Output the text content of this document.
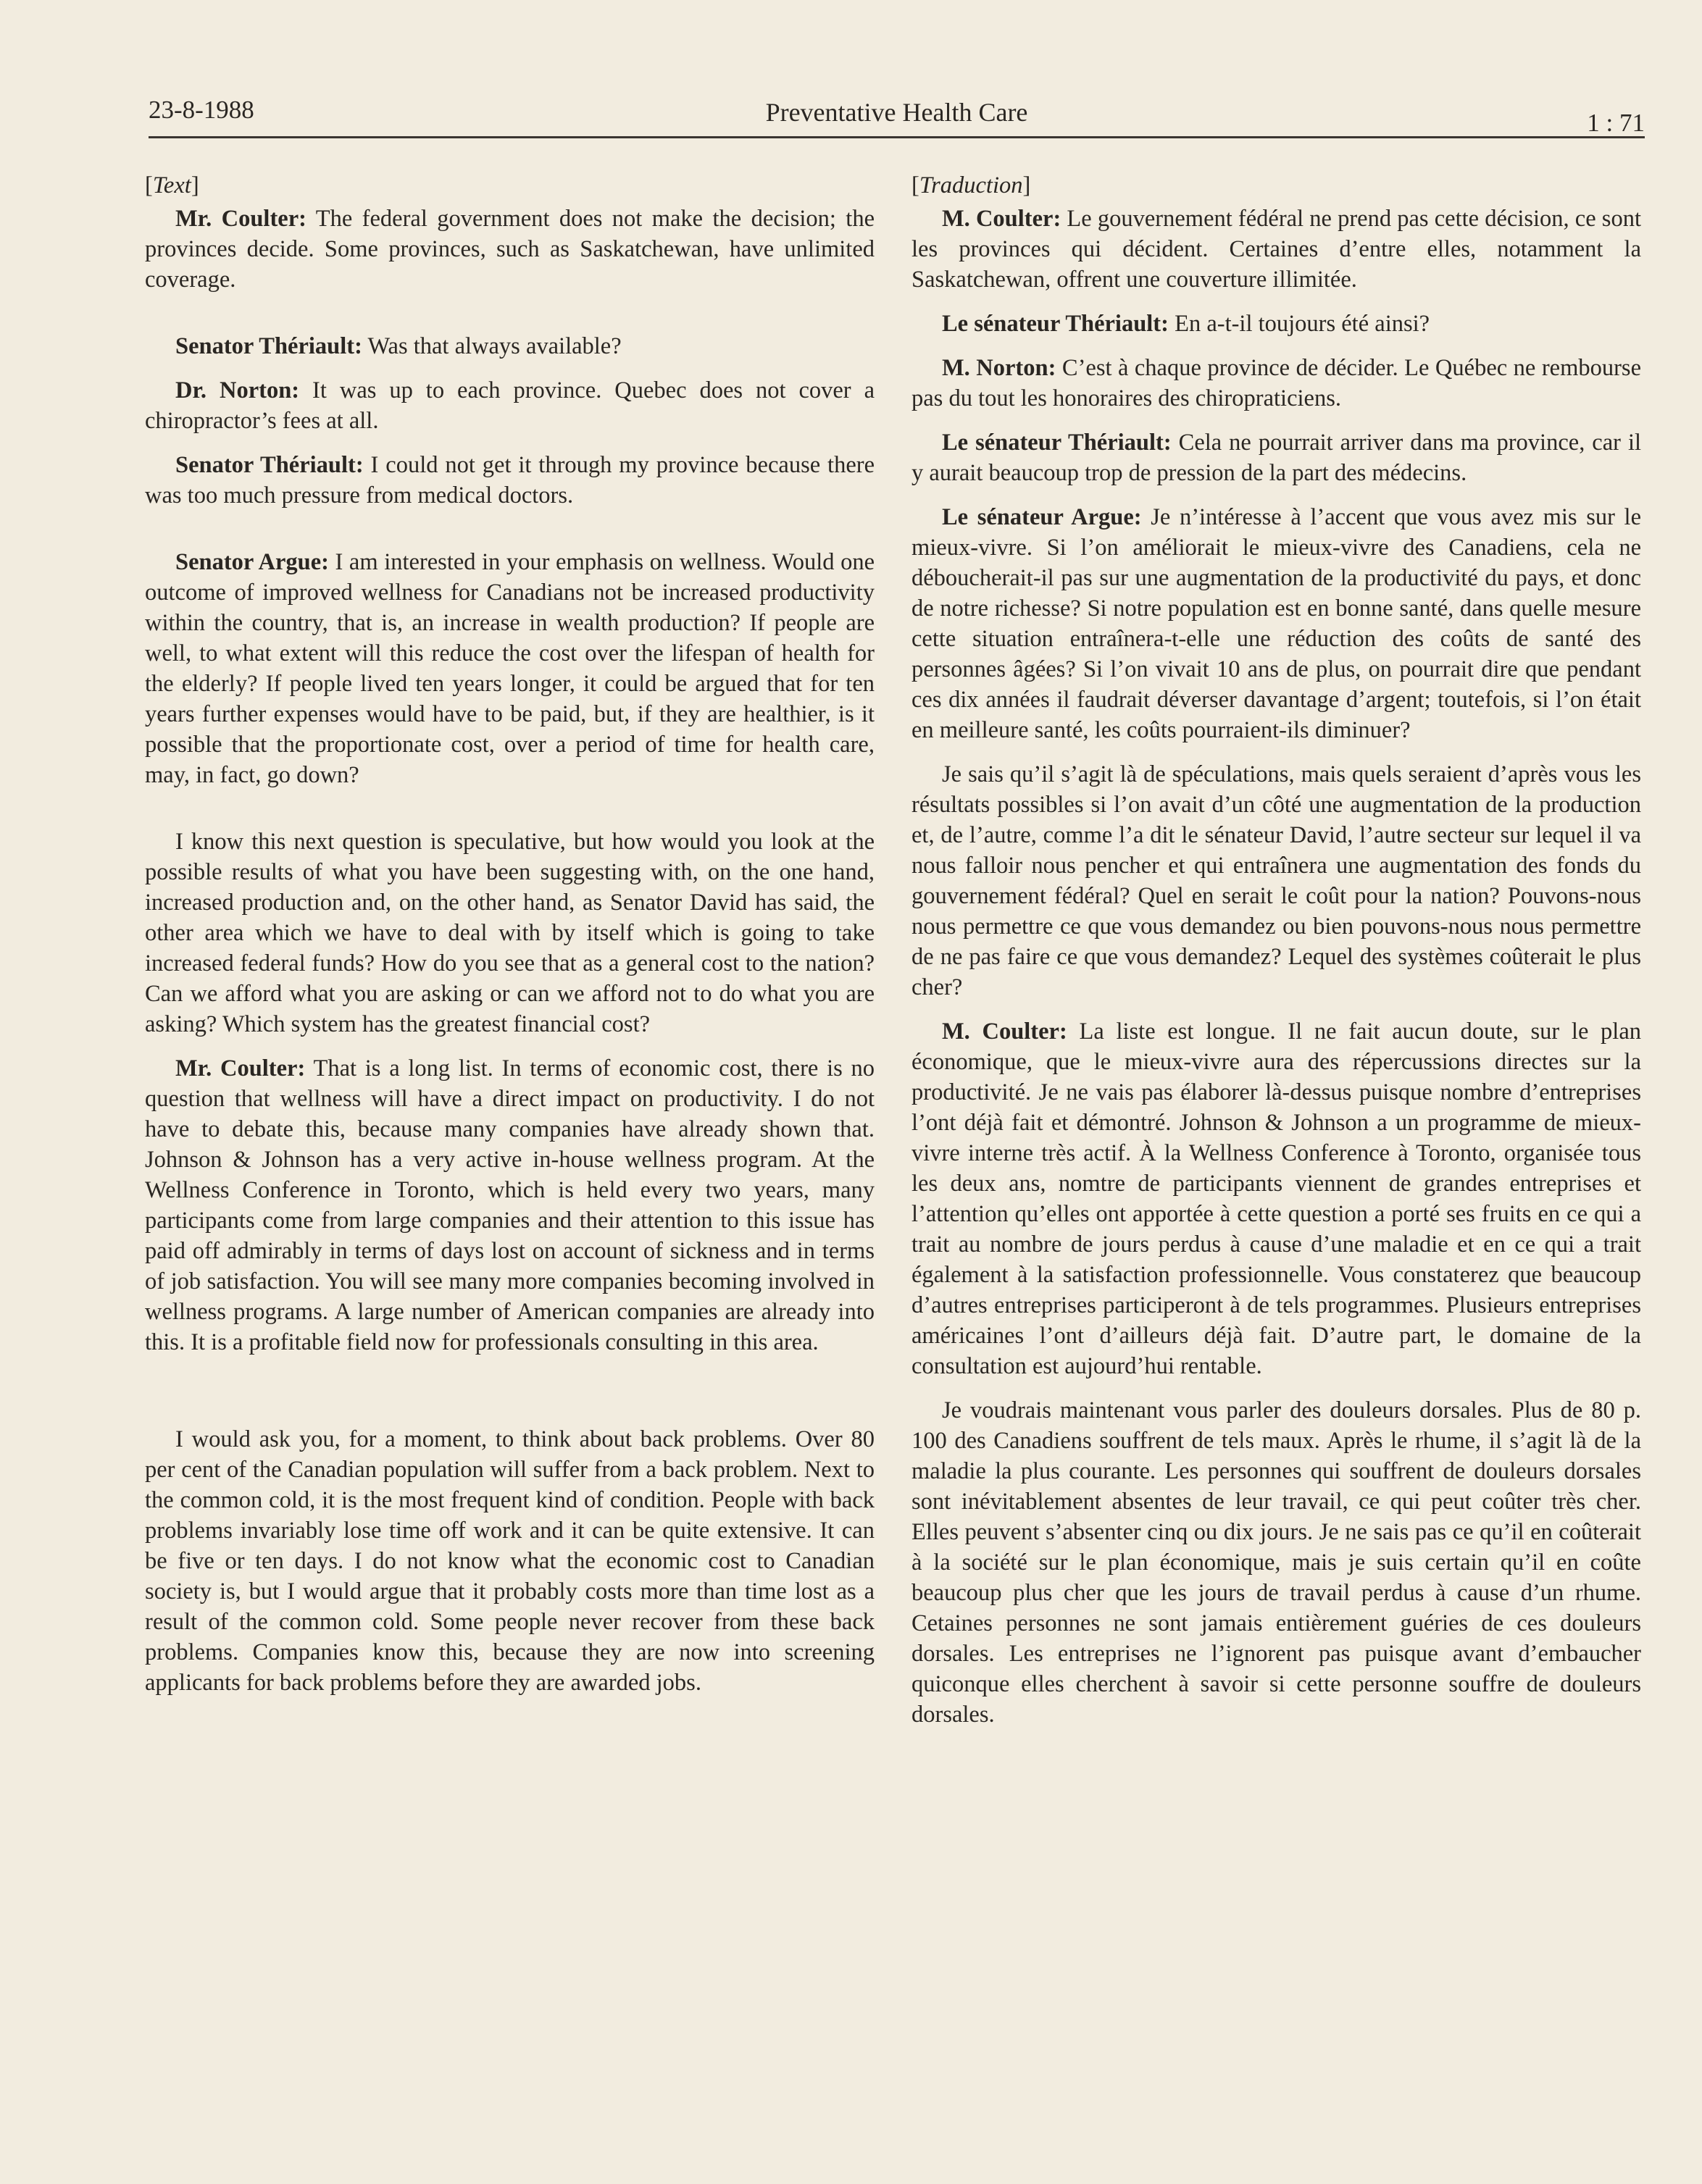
23-8-1988	Preventative Health Care	1 : 71

[Text]

Mr. Coulter: The federal government does not make the decision; the provinces decide. Some provinces, such as Saskatchewan, have unlimited coverage.

Senator Thériault: Was that always available?

Dr. Norton: It was up to each province. Quebec does not cover a chiropractor’s fees at all.

Senator Thériault: I could not get it through my province because there was too much pressure from medical doctors.

Senator Argue: I am interested in your emphasis on wellness. Would one outcome of improved wellness for Canadians not be increased productivity within the country, that is, an increase in wealth production? If people are well, to what extent will this reduce the cost over the lifespan of health for the elderly? If people lived ten years longer, it could be argued that for ten years further expenses would have to be paid, but, if they are healthier, is it possible that the proportionate cost, over a period of time for health care, may, in fact, go down?

I know this next question is speculative, but how would you look at the possible results of what you have been suggesting with, on the one hand, increased production and, on the other hand, as Senator David has said, the other area which we have to deal with by itself which is going to take increased federal funds? How do you see that as a general cost to the nation? Can we afford what you are asking or can we afford not to do what you are asking? Which system has the greatest financial cost?

Mr. Coulter: That is a long list. In terms of economic cost, there is no question that wellness will have a direct impact on productivity. I do not have to debate this, because many companies have already shown that. Johnson & Johnson has a very active in-house wellness program. At the Wellness Conference in Toronto, which is held every two years, many participants come from large companies and their attention to this issue has paid off admirably in terms of days lost on account of sickness and in terms of job satisfaction. You will see many more companies becoming involved in wellness programs. A large number of American companies are already into this. It is a profitable field now for professionals consulting in this area.

I would ask you, for a moment, to think about back problems. Over 80 per cent of the Canadian population will suffer from a back problem. Next to the common cold, it is the most frequent kind of condition. People with back problems invariably lose time off work and it can be quite extensive. It can be five or ten days. I do not know what the economic cost to Canadian society is, but I would argue that it probably costs more than time lost as a result of the common cold. Some people never recover from these back problems. Companies know this, because they are now into screening applicants for back problems before they are awarded jobs.

[Traduction]

M. Coulter: Le gouvernement fédéral ne prend pas cette décision, ce sont les provinces qui décident. Certaines d’entre elles, notamment la Saskatchewan, offrent une couverture illimitée.

Le sénateur Thériault: En a-t-il toujours été ainsi?

M. Norton: C’est à chaque province de décider. Le Québec ne rembourse pas du tout les honoraires des chiropraticiens.

Le sénateur Thériault: Cela ne pourrait arriver dans ma province, car il y aurait beaucoup trop de pression de la part des médecins.

Le sénateur Argue: Je n’intéresse à l’accent que vous avez mis sur le mieux-vivre. Si l’on améliorait le mieux-vivre des Canadiens, cela ne déboucherait-il pas sur une augmentation de la productivité du pays, et donc de notre richesse? Si notre population est en bonne santé, dans quelle mesure cette situation entraînera-t-elle une réduction des coûts de santé des personnes âgées? Si l’on vivait 10 ans de plus, on pourrait dire que pendant ces dix années il faudrait déverser davantage d’argent; toutefois, si l’on était en meilleure santé, les coûts pourraient-ils diminuer?

Je sais qu’il s’agit là de spéculations, mais quels seraient d’après vous les résultats possibles si l’on avait d’un côté une augmentation de la production et, de l’autre, comme l’a dit le sénateur David, l’autre secteur sur lequel il va nous falloir nous pencher et qui entraînera une augmentation des fonds du gouvernement fédéral? Quel en serait le coût pour la nation? Pouvons-nous nous permettre ce que vous demandez ou bien pouvons-nous nous permettre de ne pas faire ce que vous demandez? Lequel des systèmes coûterait le plus cher?

M. Coulter: La liste est longue. Il ne fait aucun doute, sur le plan économique, que le mieux-vivre aura des répercussions directes sur la productivité. Je ne vais pas élaborer là-dessus puisque nombre d’entreprises l’ont déjà fait et démontré. Johnson & Johnson a un programme de mieux-vivre interne très actif. À la Wellness Conference à Toronto, organisée tous les deux ans, nomtre de participants viennent de grandes entreprises et l’attention qu’elles ont apportée à cette question a porté ses fruits en ce qui a trait au nombre de jours perdus à cause d’une maladie et en ce qui a trait également à la satisfaction professionnelle. Vous constaterez que beaucoup d’autres entreprises participeront à de tels programmes. Plusieurs entreprises américaines l’ont d’ailleurs déjà fait. D’autre part, le domaine de la consultation est aujourd’hui rentable.

Je voudrais maintenant vous parler des douleurs dorsales. Plus de 80 p. 100 des Canadiens souffrent de tels maux. Après le rhume, il s’agit là de la maladie la plus courante. Les personnes qui souffrent de douleurs dorsales sont inévitablement absentes de leur travail, ce qui peut coûter très cher. Elles peuvent s’absenter cinq ou dix jours. Je ne sais pas ce qu’il en coûterait à la société sur le plan économique, mais je suis certain qu’il en coûte beaucoup plus cher que les jours de travail perdus à cause d’un rhume. Cetaines personnes ne sont jamais entièrement guéries de ces douleurs dorsales. Les entreprises ne l’ignorent pas puisque avant d’embaucher quiconque elles cherchent à savoir si cette personne souffre de douleurs dorsales.
